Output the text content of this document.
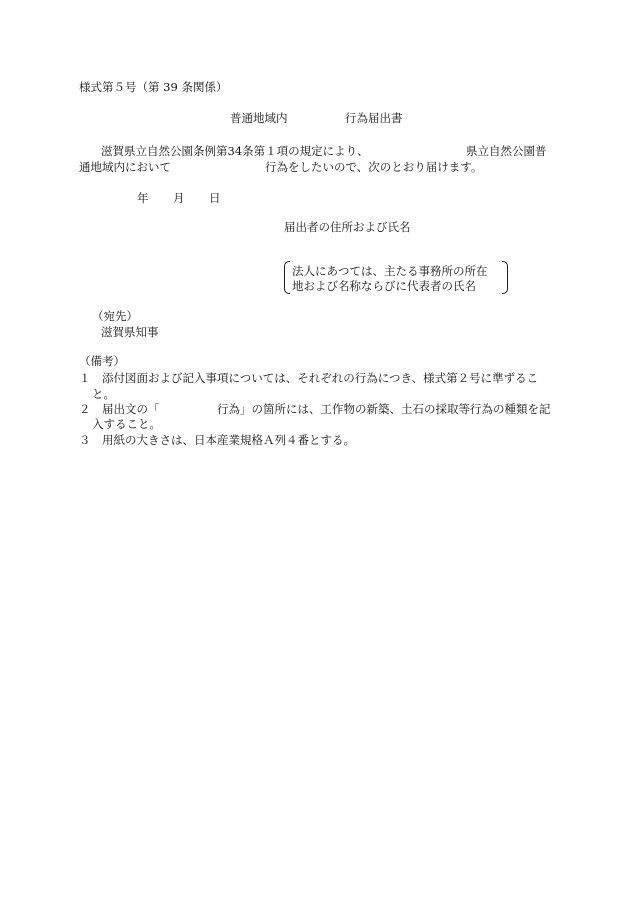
様式第５号（第 39 条関係）
普通地域内	行為届出書
滋賀県立自然公園条例第34条第１項の規定により、	県立自然公園普
通地域内において	行為をしたいので、次のとおり届けます。
年 月 日
届出者の住所および氏名
法人にあつては、主たる事務所の所在
地および名称ならびに代表者の氏名
（宛先）
滋賀県知事
（備考）
１　添付図面および記入事項については、それぞれの行為につき、様式第２号に準ずるこ
と。
２　届出文の「　　　　　行為」の箇所には、工作物の新築、土石の採取等行為の種類を記
入すること。
３　用紙の大きさは、日本産業規格Ａ列４番とする。
